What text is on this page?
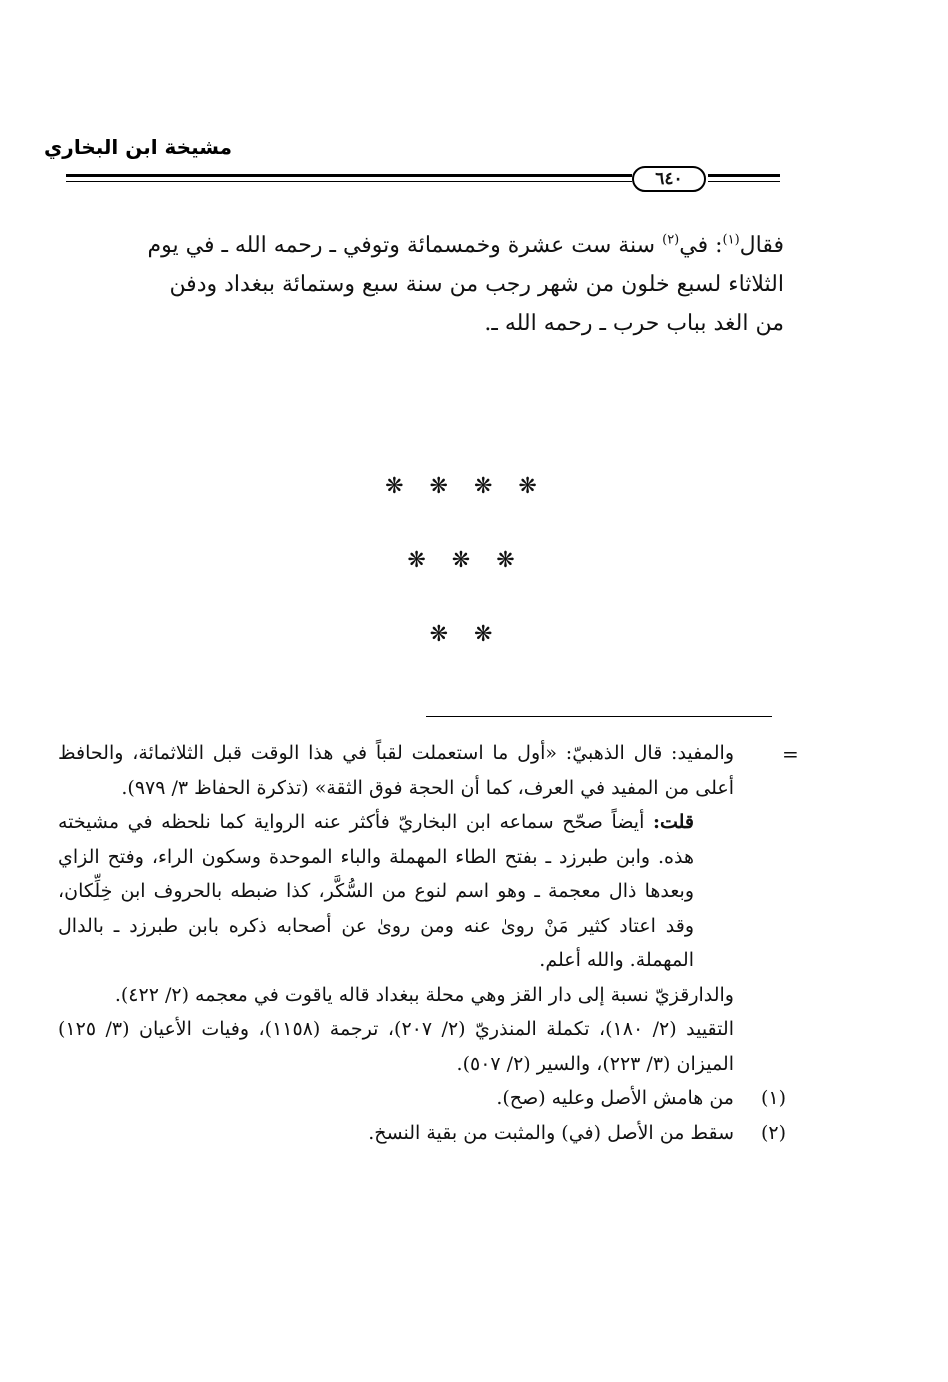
مشيخة ابن البخاري
٦٤٠

فقال$^{(١)}$: في$^{(٢)}$ سنة ست عشرة وخمسمائة وتوفي ـ رحمه الله ـ في يوم
الثلاثاء لسبع خلون من شهر رجب من سنة سبع وستمائة ببغداد ودفن
من الغد بباب حرب ـ رحمه الله ـ.

❋❋❋❋
❋❋❋
❋❋
=

والمفيد: قال الذهبيّ: «أول ما استعملت لقباً في هذا الوقت قبل الثلاثمائة، والحافظ أعلى من المفيد في العرف، كما أن الحجة فوق الثقة» (تذكرة الحفاظ ٣/ ٩٧٩).

قلت: أيضاً صحّح سماعه ابن البخاريّ فأكثر عنه الرواية كما نلحظه في مشيخته هذه. وابن طبرزد ـ بفتح الطاء المهملة والباء الموحدة وسكون الراء، وفتح الزاي وبعدها ذال معجمة ـ وهو اسم لنوع من السُّكَّر، كذا ضبطه بالحروف ابن خِلِّكان، وقد اعتاد كثير مَنْ روىٰ عنه ومن روىٰ عن أصحابه ذكره بابن طبرزد ـ بالدال المهملة. والله أعلم.

والدارقزيّ نسبة إلى دار القز وهي محلة ببغداد قاله ياقوت في معجمه (٢/ ٤٢٢).

التقييد (٢/ ١٨٠)، تكملة المنذريّ (٢/ ٢٠٧)، ترجمة (١١٥٨)، وفيات الأعيان (٣/ ١٢٥) الميزان (٣/ ٢٢٣)، والسير (٢/ ٥٠٧).

(١)
من هامش الأصل وعليه (صح).

(٢)
سقط من الأصل (في) والمثبت من بقية النسخ.
